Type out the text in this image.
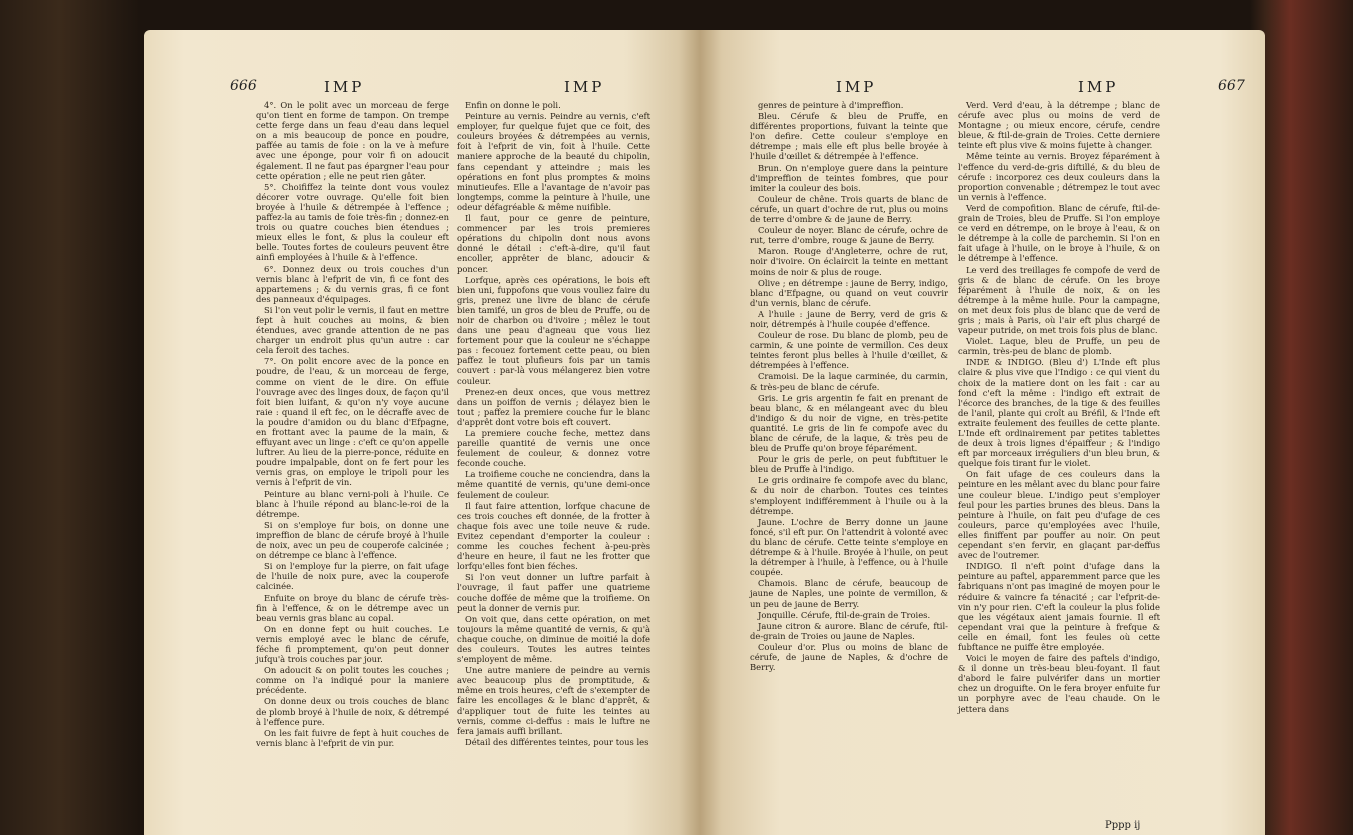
666	IMP	IMP

4°. On le polit avec un morceau de ferge qu'on tient en forme de tampon. On trempe cette ferge dans un feau d'eau dans lequel on a mis beaucoup de ponce en poudre, paffée au tamis de foie : on la ve à mefure avec une éponge, pour voir fi on adoucit également. Il ne faut pas épargner l'eau pour cette opération ; elle ne peut rien gâter.

5°. Choififfez la teinte dont vous voulez décorer votre ouvrage. Qu'elle foit bien broyée à l'huile & détrempée à l'effence ; paffez-la au tamis de foie très-fin ; donnez-en trois ou quatre couches bien étendues ; mieux elles le font, & plus la couleur eft belle. Toutes fortes de couleurs peuvent être ainfi employées à l'huile & à l'effence.

6°. Donnez deux ou trois couches d'un vernis blanc à l'efprit de vin, fi ce font des appartemens ; & du vernis gras, fi ce font des panneaux d'équipages.

Si l'on veut polir le vernis, il faut en mettre fept à huit couches au moins, & bien étendues, avec grande attention de ne pas charger un endroit plus qu'un autre : car cela feroit des taches.

7°. On polit encore avec de la ponce en poudre, de l'eau, & un morceau de ferge, comme on vient de le dire. On effuie l'ouvrage avec des linges doux, de façon qu'il foit bien luifant, & qu'on n'y voye aucune raie : quand il eft fec, on le décraffe avec de la poudre d'amidon ou du blanc d'Efpagne, en frottant avec la paume de la main, & effuyant avec un linge : c'eft ce qu'on appelle luftrer. Au lieu de la pierre-ponce, réduite en poudre impalpable, dont on fe fert pour les vernis gras, on employe le tripoli pour les vernis à l'efprit de vin.

Peinture au blanc verni-poli à l'huile. Ce blanc à l'huile répond au blanc-le-roi de la détrempe.

Si on s'employe fur bois, on donne une impreffion de blanc de cérufe broyé à l'huile de noix, avec un peu de couperofe calcinée ; on détrempe ce blanc à l'effence.

Si on l'employe fur la pierre, on fait ufage de l'huile de noix pure, avec la couperofe calcinée.

Enfuite on broye du blanc de cérufe très-fin à l'effence, & on le détrempe avec un beau vernis gras blanc au copal.

On en donne fept ou huit couches. Le vernis employé avec le blanc de cérufe, féche fi promptement, qu'on peut donner jufqu'à trois couches par jour.

On adoucit & on polit toutes les couches ; comme on l'a indiqué pour la maniere précédente.

On donne deux ou trois couches de blanc de plomb broyé à l'huile de noix, & détrempé à l'effence pure.

On les fait fuivre de fept à huit couches de vernis blanc à l'efprit de vin pur.

Enfin on donne le poli.

Peinture au vernis. Peindre au vernis, c'eft employer, fur quelque fujet que ce foit, des couleurs broyées & détrempées au vernis, foit à l'efprit de vin, foit à l'huile. Cette maniere approche de la beauté du chipolin, fans cependant y atteindre ; mais les opérations en font plus promptes & moins minutieufes. Elle a l'avantage de n'avoir pas longtemps, comme la peinture à l'huile, une odeur défagréable & même nuifible.

Il faut, pour ce genre de peinture, commencer par les trois premieres opérations du chipolin dont nous avons donné le détail : c'eft-à-dire, qu'il faut encoller, apprêter de blanc, adoucir & poncer.

Lorfque, après ces opérations, le bois eft bien uni, fuppofons que vous vouliez faire du gris, prenez une livre de blanc de cérufe bien tamifé, un gros de bleu de Pruffe, ou de noir de charbon ou d'ivoire ; mêlez le tout dans une peau d'agneau que vous liez fortement pour que la couleur ne s'échappe pas : fecouez fortement cette peau, ou bien paffez le tout plufieurs fois par un tamis couvert : par-là vous mélangerez bien votre couleur.

Prenez-en deux onces, que vous mettrez dans un poiffon de vernis ; délayez bien le tout ; paffez la premiere couche fur le blanc d'apprêt dont votre bois eft couvert.

La premiere couche feche, mettez dans pareille quantité de vernis une once feulement de couleur, & donnez votre feconde couche.

La troifieme couche ne conciendra, dans la même quantité de vernis, qu'une demi-once feulement de couleur.

Il faut faire attention, lorfque chacune de ces trois couches eft donnée, de la frotter à chaque fois avec une toile neuve & rude. Evitez cependant d'emporter la couleur : comme les couches fechent à-peu-près d'heure en heure, il faut ne les frotter que lorfqu'elles font bien féches.

Si l'on veut donner un luftre parfait à l'ouvrage, il faut paffer une quatrieme couche doffée de même que la troifieme. On peut la donner de vernis pur.

On voit que, dans cette opération, on met toujours la même quantité de vernis, & qu'à chaque couche, on diminue de moitié la dofe des couleurs. Toutes les autres teintes s'employent de même.

Une autre maniere de peindre au vernis avec beaucoup plus de promptitude, & même en trois heures, c'eft de s'exempter de faire les encollages & le blanc d'apprêt, & d'appliquer tout de fuite les teintes au vernis, comme ci-deffus : mais le luftre ne fera jamais auffi brillant.

Détail des différentes teintes, pour tous les

IMP	IMP	667

genres de peinture à d'impreffion.

Bleu. Cérufe & bleu de Pruffe, en différentes proportions, fuivant la teinte que l'on defire. Cette couleur s'employe en détrempe ; mais elle eft plus belle broyée à l'huile d'œillet & détrempée à l'effence.

Brun. On n'employe guere dans la peinture d'impreffion de teintes fombres, que pour imiter la couleur des bois.

Couleur de chêne. Trois quarts de blanc de cérufe, un quart d'ochre de rut, plus ou moins de terre d'ombre & de jaune de Berry.

Couleur de noyer. Blanc de cérufe, ochre de rut, terre d'ombre, rouge & jaune de Berry.

Maron. Rouge d'Angleterre, ochre de rut, noir d'ivoire. On éclaircit la teinte en mettant moins de noir & plus de rouge.

Olive ; en détrempe : jaune de Berry, indigo, blanc d'Efpagne, ou quand on veut couvrir d'un vernis, blanc de cérufe.

A l'huile : jaune de Berry, verd de gris & noir, détrempés à l'huile coupée d'effence.

Couleur de rose. Du blanc de plomb, peu de carmin, & une pointe de vermillon. Ces deux teintes feront plus belles à l'huile d'œillet, & détrempées à l'effence.

Cramoisi. De la laque carminée, du carmin, & très-peu de blanc de cérufe.

Gris. Le gris argentin fe fait en prenant de beau blanc, & en mélangeant avec du bleu d'indigo & du noir de vigne, en très-petite quantité. Le gris de lin fe compofe avec du blanc de cérufe, de la laque, & très peu de bleu de Pruffe qu'on broye féparément.

Pour le gris de perle, on peut fubftituer le bleu de Pruffe à l'indigo.

Le gris ordinaire fe compofe avec du blanc, & du noir de charbon. Toutes ces teintes s'employent indifféremment à l'huile ou à la détrempe.

Jaune. L'ochre de Berry donne un jaune foncé, s'il eft pur. On l'attendrit à volonté avec du blanc de cérufe. Cette teinte s'employe en détrempe & à l'huile. Broyée à l'huile, on peut la détremper à l'huile, à l'effence, ou à l'huile coupée.

Chamois. Blanc de cérufe, beaucoup de jaune de Naples, une pointe de vermillon, & un peu de jaune de Berry.

Jonquille. Cérufe, ftil-de-grain de Troies.

Jaune citron & aurore. Blanc de cérufe, ftil-de-grain de Troies ou jaune de Naples.

Couleur d'or. Plus ou moins de blanc de cérufe, de jaune de Naples, & d'ochre de Berry.

Verd. Verd d'eau, à la détrempe ; blanc de cérufe avec plus ou moins de verd de Montagne ; ou mieux encore, cérufe, cendre bleue, & ftil-de-grain de Troies. Cette derniere teinte eft plus vive & moins fujette à changer.

Même teinte au vernis. Broyez féparément à l'effence du verd-de-gris diftillé, & du bleu de cérufe : incorporez ces deux couleurs dans la proportion convenable ; détrempez le tout avec un vernis à l'effence.

Verd de compofition. Blanc de cérufe, ftil-de-grain de Troies, bleu de Pruffe. Si l'on employe ce verd en détrempe, on le broye à l'eau, & on le détrempe à la colle de parchemin. Si l'on en fait ufage à l'huile, on le broye à l'huile, & on le détrempe à l'effence.

Le verd des treillages fe compofe de verd de gris & de blanc de cérufe. On les broye féparément à l'huile de noix, & on les détrempe à la même huile. Pour la campagne, on met deux fois plus de blanc que de verd de gris ; mais à Paris, où l'air eft plus chargé de vapeur putride, on met trois fois plus de blanc.

Violet. Laque, bleu de Pruffe, un peu de carmin, très-peu de blanc de plomb.

INDE & INDIGO. (Bleu d') L'Inde eft plus claire & plus vive que l'Indigo : ce qui vient du choix de la matiere dont on les fait : car au fond c'eft la même : l'indigo eft extrait de l'écorce des branches, de la tige & des feuilles de l'anil, plante qui croît au Bréfil, & l'Inde eft extraite feulement des feuilles de cette plante. L'Inde eft ordinairement par petites tablettes de deux à trois lignes d'épaiffeur ; & l'indigo eft par morceaux irréguliers d'un bleu brun, & quelque fois tirant fur le violet.

On fait ufage de ces couleurs dans la peinture en les mêlant avec du blanc pour faire une couleur bleue. L'indigo peut s'employer feul pour les parties brunes des bleus. Dans la peinture à l'huile, on fait peu d'ufage de ces couleurs, parce qu'employées avec l'huile, elles finiffent par pouffer au noir. On peut cependant s'en fervir, en glaçant par-deffus avec de l'outremer.

INDIGO. Il n'eft point d'ufage dans la peinture au paftel, apparemment parce que les fabriquans n'ont pas imaginé de moyen pour le réduire & vaincre fa ténacité ; car l'efprit-de-vin n'y pour rien. C'eft la couleur la plus folide que les végétaux aient jamais fournie. Il eft cependant vrai que la peinture à frefque & celle en émail, font les feules où cette fubftance ne puiffe être employée.

Voici le moyen de faire des paftels d'indigo, & il donne un très-beau bleu-foyant. Il faut d'abord le faire pulvérifer dans un mortier chez un droguifte. On le fera broyer enfuite fur un porphyre avec de l'eau chaude. On le jettera dans

Pppp ij
